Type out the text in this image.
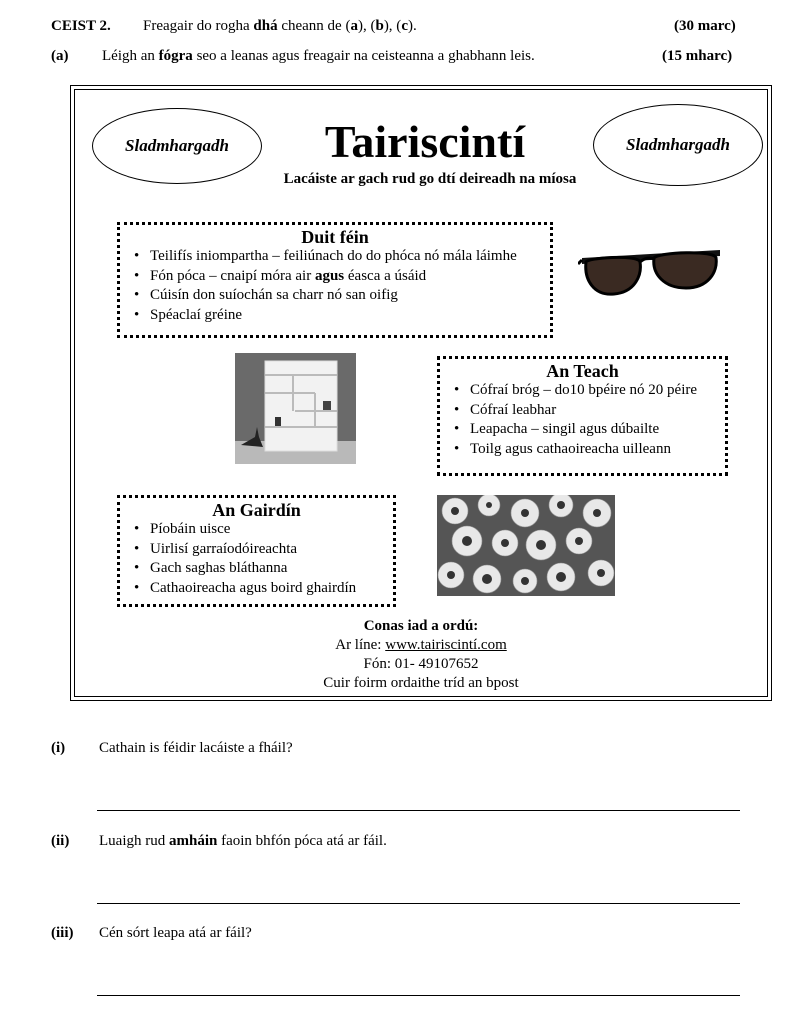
CEIST 2. Freagair do rogha dhá cheann de (a), (b), (c).	(30 marc)
(a) Léigh an fógra seo a leanas agus freagair na ceisteanna a ghabhann leis.	(15 mharc)
Sladmhargadh	Sladmhargadh
Tairiscintí
Lacáiste ar gach rud go dtí deireadh na míosa
Duit féin
• Teilifís iniompartha – feiliúnach do do phóca nó mála láimhe
• Fón póca – cnaipí móra air agus éasca a úsáid
• Cúisín don suíochán sa charr nó san oifig
• Spéaclaí gréine
An Teach
• Cófraí bróg – do10 bpéire nó 20 péire
• Cófraí leabhar
• Leapacha – singil agus dúbailte
• Toilg agus cathaoireacha uilleann
An Gairdín
• Píobáin uisce
• Uirlisí garraíodóireachta
• Gach saghas bláthanna
• Cathaoireacha agus boird ghairdín
Conas iad a ordú:
Ar líne: www.tairiscintí.com
Fón: 01- 49107652
Cuir foirm ordaithe tríd an bpost
(i) Cathain is féidir lacáiste a fháil?
(ii) Luaigh rud amháin faoin bhfón póca atá ar fáil.
(iii) Cén sórt leapa atá ar fáil?
